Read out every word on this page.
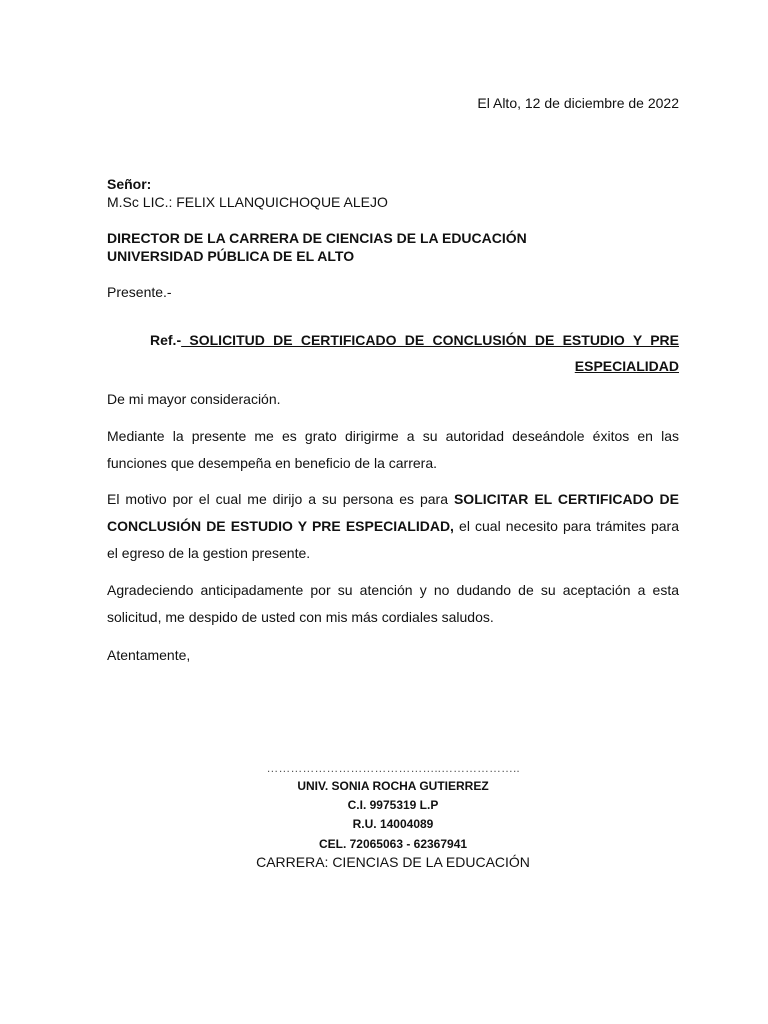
El Alto, 12 de diciembre de 2022
Señor:
M.Sc LIC.: FELIX LLANQUICHOQUE ALEJO
DIRECTOR DE LA CARRERA DE CIENCIAS DE LA EDUCACIÓN
UNIVERSIDAD PÚBLICA DE EL ALTO
Presente.-
Ref.- SOLICITUD DE CERTIFICADO DE CONCLUSIÓN DE ESTUDIO Y PRE ESPECIALIDAD
De mi mayor consideración.
Mediante la presente me es grato dirigirme a su autoridad deseándole éxitos en las funciones que desempeña en beneficio de la carrera.
El motivo por el cual me dirijo a su persona es para SOLICITAR EL CERTIFICADO DE CONCLUSIÓN DE ESTUDIO Y PRE ESPECIALIDAD, el cual necesito para trámites para el egreso de la gestion presente.
Agradeciendo anticipadamente por su atención y no dudando de su aceptación a esta solicitud, me despido de usted con mis más cordiales saludos.
Atentamente,
……………………………………..………………..
UNIV. SONIA ROCHA GUTIERREZ
C.I. 9975319 L.P
R.U. 14004089
CEL. 72065063 - 62367941
CARRERA: CIENCIAS DE LA EDUCACIÓN
